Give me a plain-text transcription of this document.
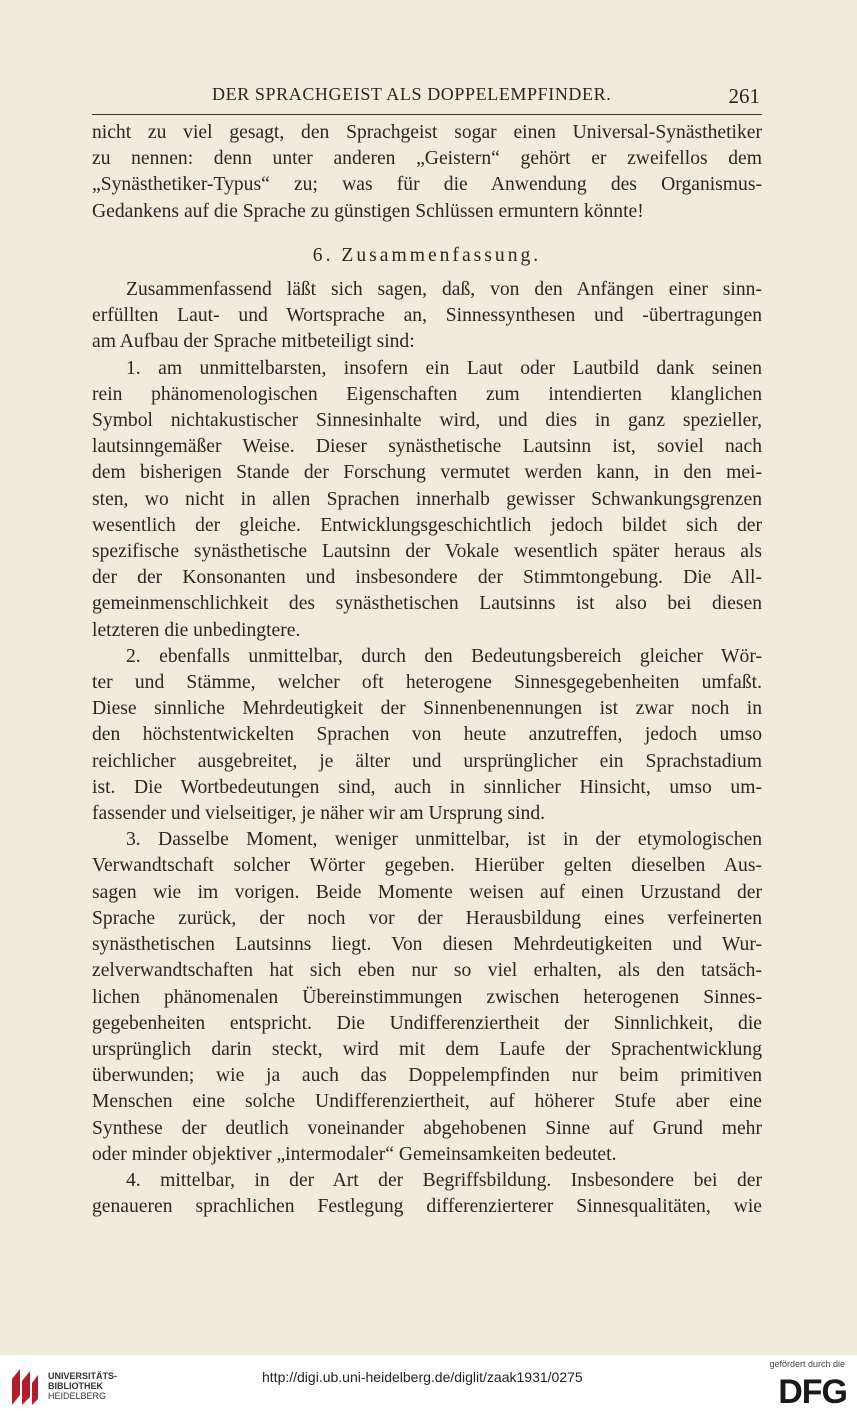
DER SPRACHGEIST ALS DOPPELEMPFINDER.	261

nicht zu viel gesagt, den Sprachgeist sogar einen Universal-Synästhetiker

zu nennen: denn unter anderen „Geistern“ gehört er zweifellos dem

„Synästhetiker-Typus“ zu; was für die Anwendung des Organismus-

Gedankens auf die Sprache zu günstigen Schlüssen ermuntern könnte!

6. Zusammenfassung.

Zusammenfassend läßt sich sagen, daß, von den Anfängen einer sinn-

erfüllten Laut- und Wortsprache an, Sinnessynthesen und -übertragungen

am Aufbau der Sprache mitbeteiligt sind:

1. am unmittelbarsten, insofern ein Laut oder Lautbild dank seinen

rein phänomenologischen Eigenschaften zum intendierten klanglichen

Symbol nichtakustischer Sinnesinhalte wird, und dies in ganz spezieller,

lautsinngemäßer Weise. Dieser synästhetische Lautsinn ist, soviel nach

dem bisherigen Stande der Forschung vermutet werden kann, in den mei-

sten, wo nicht in allen Sprachen innerhalb gewisser Schwankungsgrenzen

wesentlich der gleiche. Entwicklungsgeschichtlich jedoch bildet sich der

spezifische synästhetische Lautsinn der Vokale wesentlich später heraus als

der der Konsonanten und insbesondere der Stimmtongebung. Die All-

gemeinmenschlichkeit des synästhetischen Lautsinns ist also bei diesen

letzteren die unbedingtere.

2. ebenfalls unmittelbar, durch den Bedeutungsbereich gleicher Wör-

ter und Stämme, welcher oft heterogene Sinnesgegebenheiten umfaßt.

Diese sinnliche Mehrdeutigkeit der Sinnenbenennungen ist zwar noch in

den höchstentwickelten Sprachen von heute anzutreffen, jedoch umso

reichlicher ausgebreitet, je älter und ursprünglicher ein Sprachstadium

ist. Die Wortbedeutungen sind, auch in sinnlicher Hinsicht, umso um-

fassender und vielseitiger, je näher wir am Ursprung sind.

3. Dasselbe Moment, weniger unmittelbar, ist in der etymologischen

Verwandtschaft solcher Wörter gegeben. Hierüber gelten dieselben Aus-

sagen wie im vorigen. Beide Momente weisen auf einen Urzustand der

Sprache zurück, der noch vor der Herausbildung eines verfeinerten

synästhetischen Lautsinns liegt. Von diesen Mehrdeutigkeiten und Wur-

zelverwandtschaften hat sich eben nur so viel erhalten, als den tatsäch-

lichen phänomenalen Übereinstimmungen zwischen heterogenen Sinnes-

gegebenheiten entspricht. Die Undifferenziertheit der Sinnlichkeit, die

ursprünglich darin steckt, wird mit dem Laufe der Sprachentwicklung

überwunden; wie ja auch das Doppelempfinden nur beim primitiven

Menschen eine solche Undifferenziertheit, auf höherer Stufe aber eine

Synthese der deutlich voneinander abgehobenen Sinne auf Grund mehr

oder minder objektiver „intermodaler“ Gemeinsamkeiten bedeutet.

4. mittelbar, in der Art der Begriffsbildung. Insbesondere bei der

genaueren sprachlichen Festlegung differenzierterer Sinnesqualitäten, wie

UNIVERSITÄTS-
BIBLIOTHEK
HEIDELBERG
http://digi.ub.uni-heidelberg.de/diglit/zaak1931/0275
gefördert durch die
DFG
